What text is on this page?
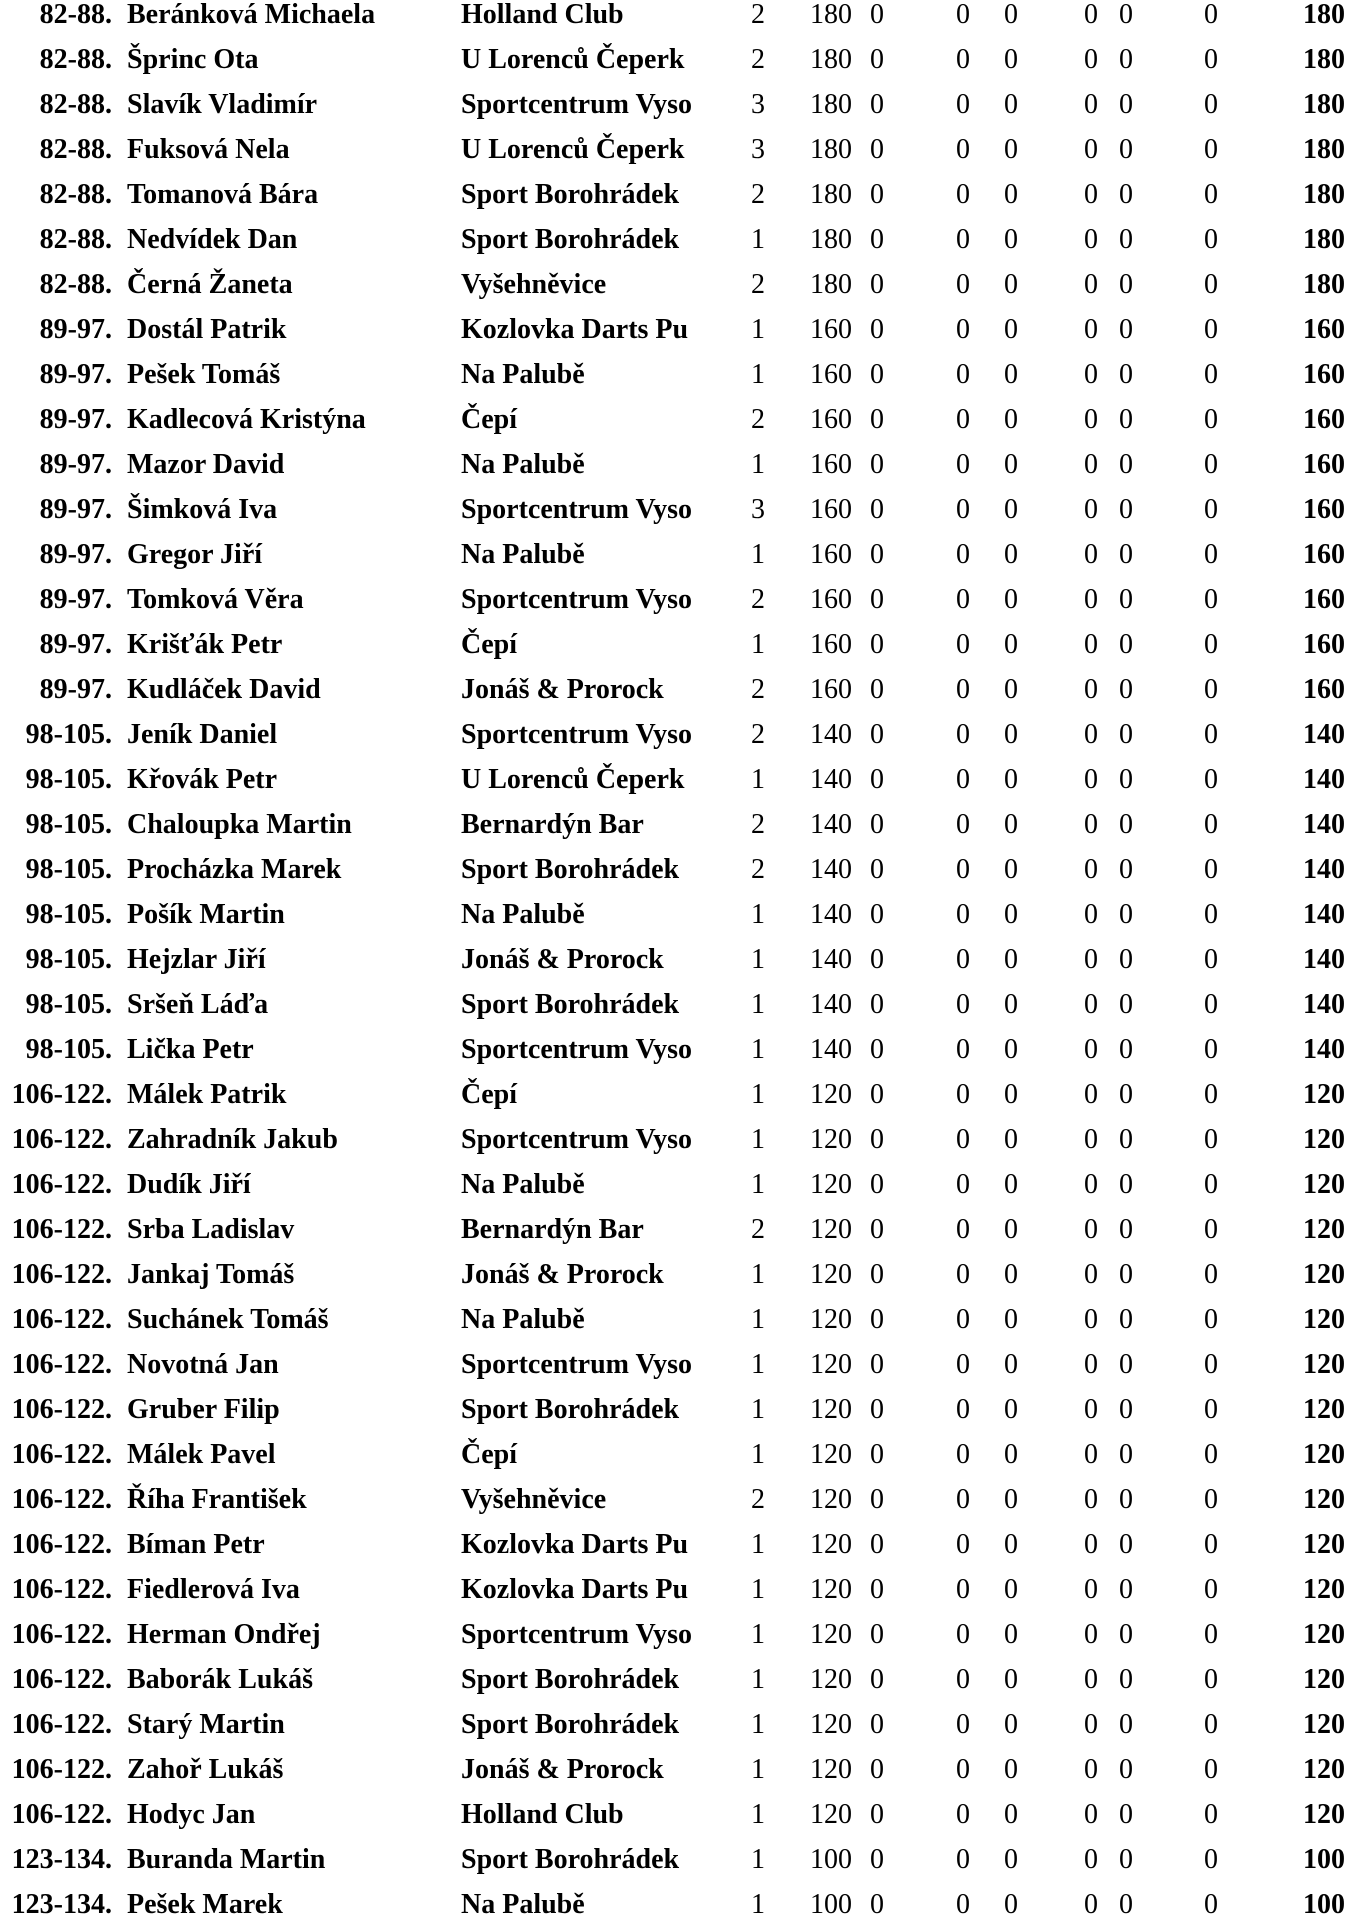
82-88. Beránková Michaela	Holland Club	2	180 0	0 0 0 0	0	180
82-88. Šprinc Ota	U Lorenců Čeperk	2	180 0	0 0 0 0	0	180
82-88. Slavík Vladimír	Sportcentrum Vyso	3	180 0	0 0 0 0	0	180
82-88. Fuksová Nela	U Lorenců Čeperk	3	180 0	0 0 0 0	0	180
82-88. Tomanová Bára	Sport Borohrádek	2	180 0	0 0 0 0	0	180
82-88. Nedvídek Dan	Sport Borohrádek	1	180 0	0 0 0 0	0	180
82-88. Černá Žaneta	Vyšehněvice	2	180 0	0 0 0 0	0	180
89-97. Dostál Patrik	Kozlovka Darts Pu	1	160 0	0 0 0 0	0	160
89-97. Pešek Tomáš	Na Palubě	1	160 0	0 0 0 0	0	160
89-97. Kadlecová Kristýna	Čepí	2	160 0	0 0 0 0	0	160
89-97. Mazor David	Na Palubě	1	160 0	0 0 0 0	0	160
89-97. Šimková Iva	Sportcentrum Vyso	3	160 0	0 0 0 0	0	160
89-97. Gregor Jiří	Na Palubě	1	160 0	0 0 0 0	0	160
89-97. Tomková Věra	Sportcentrum Vyso	2	160 0	0 0 0 0	0	160
89-97. Krišťák Petr	Čepí	1	160 0	0 0 0 0	0	160
89-97. Kudláček David	Jonáš & Prorock	2	160 0	0 0 0 0	0	160
98-105. Jeník Daniel	Sportcentrum Vyso	2	140 0	0 0 0 0	0	140
98-105. Křovák Petr	U Lorenců Čeperk	1	140 0	0 0 0 0	0	140
98-105. Chaloupka Martin	Bernardýn Bar	2	140 0	0 0 0 0	0	140
98-105. Procházka Marek	Sport Borohrádek	2	140 0	0 0 0 0	0	140
98-105. Pošík Martin	Na Palubě	1	140 0	0 0 0 0	0	140
98-105. Hejzlar Jiří	Jonáš & Prorock	1	140 0	0 0 0 0	0	140
98-105. Sršeň Láďa	Sport Borohrádek	1	140 0	0 0 0 0	0	140
98-105. Lička Petr	Sportcentrum Vyso	1	140 0	0 0 0 0	0	140
106-122. Málek Patrik	Čepí	1	120 0	0 0 0 0	0	120
106-122. Zahradník Jakub	Sportcentrum Vyso	1	120 0	0 0 0 0	0	120
106-122. Dudík Jiří	Na Palubě	1	120 0	0 0 0 0	0	120
106-122. Srba Ladislav	Bernardýn Bar	2	120 0	0 0 0 0	0	120
106-122. Jankaj Tomáš	Jonáš & Prorock	1	120 0	0 0 0 0	0	120
106-122. Suchánek Tomáš	Na Palubě	1	120 0	0 0 0 0	0	120
106-122. Novotná Jan	Sportcentrum Vyso	1	120 0	0 0 0 0	0	120
106-122. Gruber Filip	Sport Borohrádek	1	120 0	0 0 0 0	0	120
106-122. Málek Pavel	Čepí	1	120 0	0 0 0 0	0	120
106-122. Říha František	Vyšehněvice	2	120 0	0 0 0 0	0	120
106-122. Bíman Petr	Kozlovka Darts Pu	1	120 0	0 0 0 0	0	120
106-122. Fiedlerová Iva	Kozlovka Darts Pu	1	120 0	0 0 0 0	0	120
106-122. Herman Ondřej	Sportcentrum Vyso	1	120 0	0 0 0 0	0	120
106-122. Baborák Lukáš	Sport Borohrádek	1	120 0	0 0 0 0	0	120
106-122. Starý Martin	Sport Borohrádek	1	120 0	0 0 0 0	0	120
106-122. Zahoř Lukáš	Jonáš & Prorock	1	120 0	0 0 0 0	0	120
106-122. Hodyc Jan	Holland Club	1	120 0	0 0 0 0	0	120
123-134. Buranda Martin	Sport Borohrádek	1	100 0	0 0 0 0	0	100
123-134. Pešek Marek	Na Palubě	1	100 0	0 0 0 0	0	100
